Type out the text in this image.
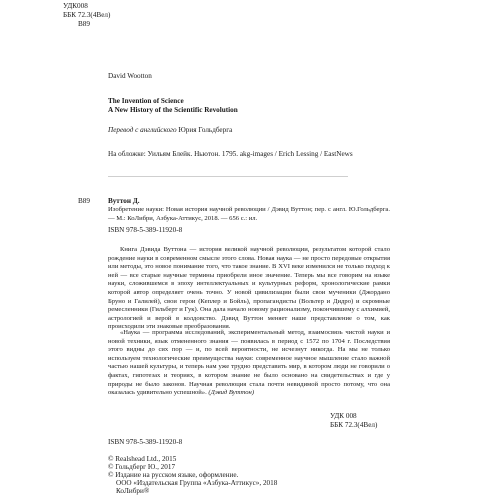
УДК008
ББК 72.3(4Вел)
В89
David Wootton
The Invention of Science
A New History of the Scientific Revolution
Перевод с английского Юрия Гольдберга
На обложке: Уильям Блейк. Ньютон. 1795. akg-images / Erich Lessing / EastNews
В89	Вуттон Д.
Изобретение науки: Новая история научной революции / Дэвид Вуттон; пер. с англ. Ю.Гольдберга. — М.: КоЛибри, Азбука-Аттикус, 2018. — 656 с.: ил.
ISBN 978-5-389-11920-8
Книга Дэвида Вуттона — история великой научной революции, результатом которой стало рождение науки в современном смысле этого слова. Новая наука — не просто передовые открытия или методы, это новое понимание того, что такое знание. В XVI веке изменился не только подход к ней — все старые научные термины приобрели иное значение. Теперь мы все говорим на языке науки, сложившемся в эпоху интеллектуальных и культурных реформ, хронологические рамки которой автор определяет очень точно. У новой цивилизации были свои мученики (Джордано Бруно и Галилей), свои герои (Кеплер и Бойль), пропагандисты (Вольтер и Дидро) и скромные ремесленники (Гильберт и Гук). Она дала начало новому рационализму, покончившему с алхимией, астрологией и верой в колдовство. Дэвид Вуттон меняет наше представление о том, как происходили эти знаковые преобразования.
«Наука — программа исследований, экспериментальный метод, взаимосвязь чистой науки и новой техники, язык отмененного знания — появилась в период с 1572 по 1704 г. Последствия этого видны до сих пор — и, по всей вероятности, не исчезнут никогда. На мы не только используем технологические преимущества науки: современное научное мышление стало важной частью нашей культуры, и теперь нам уже трудно представить мир, в котором люди не говорили о фактах, гипотезах и теориях, в котором знание не было основано на свидетельствах и где у природы не было законов. Научная революция стала почти невидимой просто потому, что она оказалась удивительно успешной». (Дэвид Вуттон)
УДК 008
ББК 72.3(4Вел)
ISBN 978-5-389-11920-8
© Realshead Ltd., 2015
© Гольдберг Ю., 2017
© Издание на русском языке, оформление.
ООО «Издательская Группа «Азбука-Аттикус», 2018
КоЛибри®
